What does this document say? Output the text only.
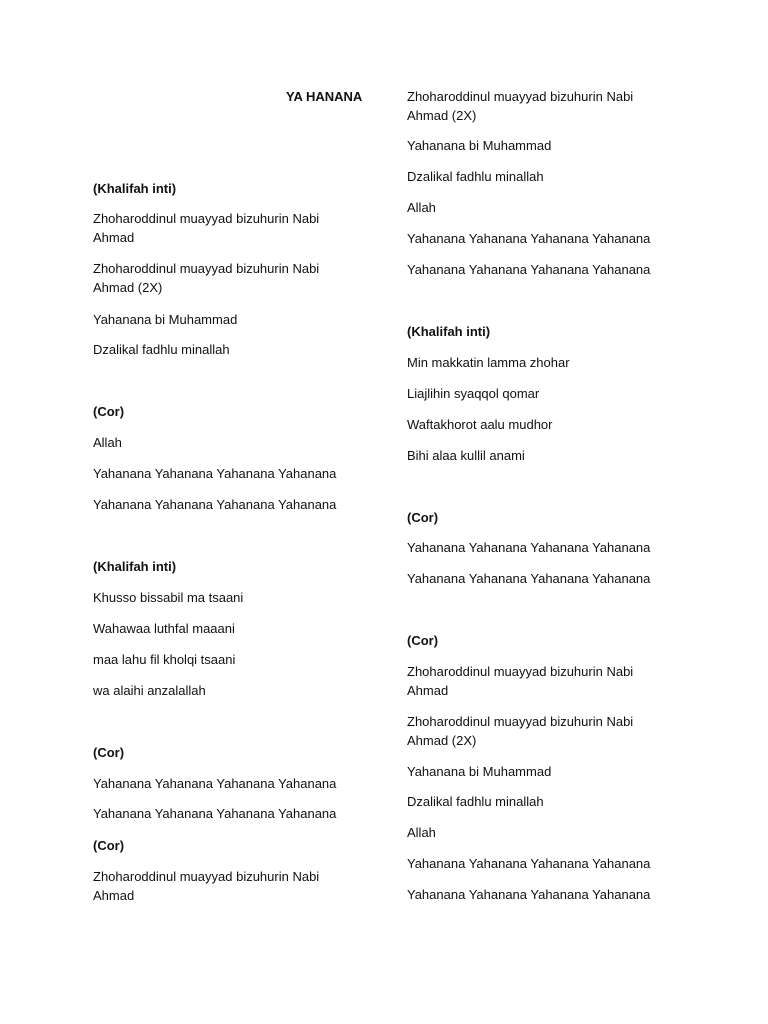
YA HANANA
(Khalifah inti)
Zhoharoddinul muayyad bizuhurin Nabi Ahmad
Zhoharoddinul muayyad bizuhurin Nabi Ahmad (2X)
Yahanana bi Muhammad
Dzalikal fadhlu minallah
(Cor)
Allah
Yahanana Yahanana Yahanana Yahanana
Yahanana Yahanana Yahanana Yahanana
(Khalifah inti)
Khusso bissabil ma tsaani
Wahawaa luthfal maaani
maa lahu fil kholqi tsaani
wa alaihi anzalallah
(Cor)
Yahanana Yahanana Yahanana Yahanana
Yahanana Yahanana Yahanana Yahanana
(Cor)
Zhoharoddinul muayyad bizuhurin Nabi Ahmad
Zhoharoddinul muayyad bizuhurin Nabi Ahmad (2X)
Yahanana bi Muhammad
Dzalikal fadhlu minallah
Allah
Yahanana Yahanana Yahanana Yahanana
Yahanana Yahanana Yahanana Yahanana
(Khalifah inti)
Min makkatin lamma zhohar
Liajlihin syaqqol qomar
Waftakhorot aalu mudhor
Bihi alaa kullil anami
(Cor)
Yahanana Yahanana Yahanana Yahanana
Yahanana Yahanana Yahanana Yahanana
(Cor)
Zhoharoddinul muayyad bizuhurin Nabi Ahmad
Zhoharoddinul muayyad bizuhurin Nabi Ahmad (2X)
Yahanana bi Muhammad
Dzalikal fadhlu minallah
Allah
Yahanana Yahanana Yahanana Yahanana
Yahanana Yahanana Yahanana Yahanana
